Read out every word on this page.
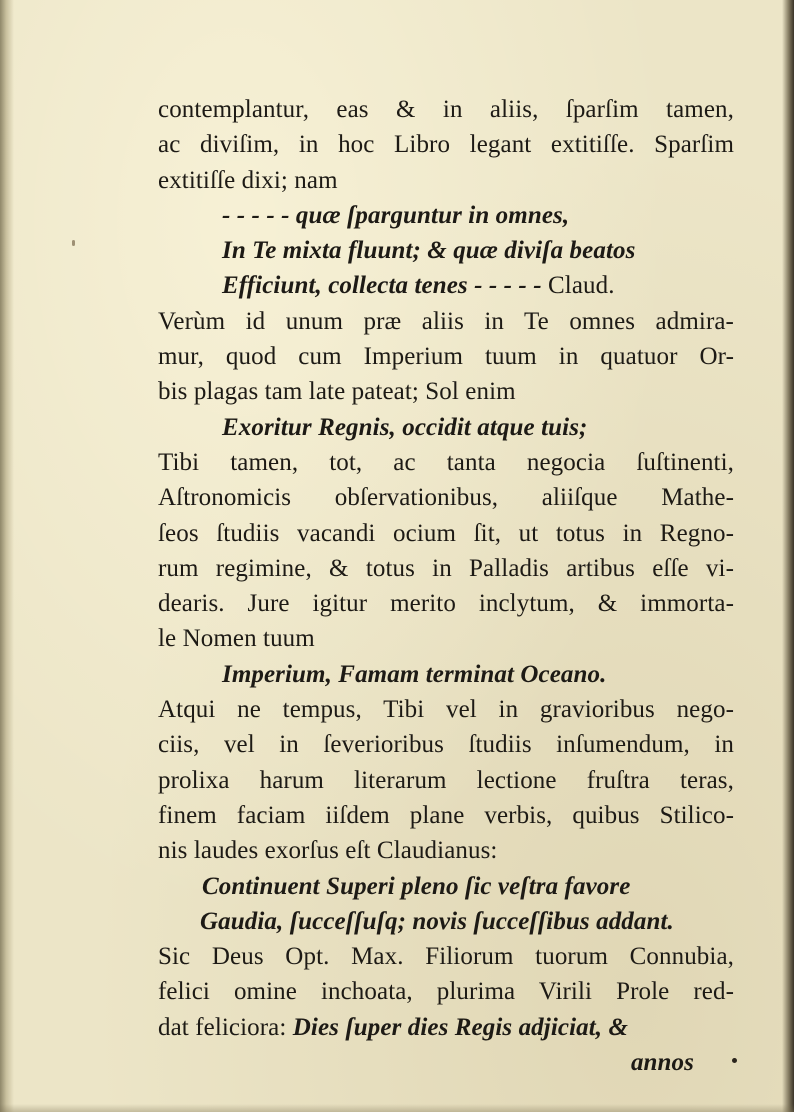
contemplantur, eas & in aliis, ſparſim tamen,
ac diviſim, in hoc Libro legant extitiſſe. Sparſim
extitiſſe dixi; nam
- - - - - quæ ſparguntur in omnes,
In Te mixta fluunt; & quæ diviſa beatos
Efficiunt, collecta tenes - - - - - Claud.
Verùm id unum præ aliis in Te omnes admira-
mur, quod cum Imperium tuum in quatuor Or-
bis plagas tam late pateat; Sol enim
Exoritur Regnis, occidit atque tuis;
Tibi tamen, tot, ac tanta negocia ſuſtinenti,
Aſtronomicis obſervationibus, aliiſque Mathe-
ſeos ſtudiis vacandi ocium ſit, ut totus in Regno-
rum regimine, & totus in Palladis artibus eſſe vi-
dearis. Jure igitur merito inclytum, & immorta-
le Nomen tuum
Imperium, Famam terminat Oceano.
Atqui ne tempus, Tibi vel in gravioribus nego-
ciis, vel in ſeverioribus ſtudiis inſumendum, in
prolixa harum literarum lectione fruſtra teras,
finem faciam iiſdem plane verbis, quibus Stilico-
nis laudes exorſus eſt Claudianus:
Continuent Superi pleno ſic veſtra favore
Gaudia, ſucceſſuſq; novis ſucceſſibus addant.
Sic Deus Opt. Max. Filiorum tuorum Connubia,
felici omine inchoata, plurima Virili Prole red-
dat feliciora: Dies ſuper dies Regis adjiciat, &
annos
